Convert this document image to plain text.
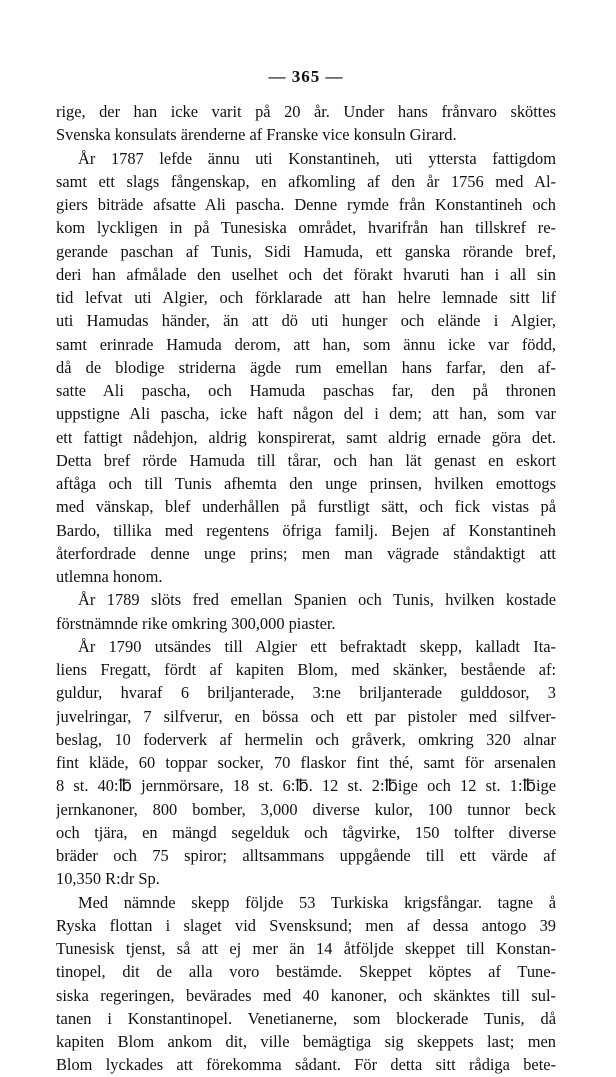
— 365 —
rige, der han icke varit på 20 år. Under hans frånvaro sköttes
Svenska konsulats ärenderne af Franske vice konsuln Girard.
År 1787 lefde ännu uti Konstantineh, uti yttersta fattigdom
samt ett slags fångenskap, en afkomling af den år 1756 med Al-
giers biträde afsatte Ali pascha. Denne rymde från Konstantineh och
kom lyckligen in på Tunesiska området, hvarifrån han tillskref re-
gerande paschan af Tunis, Sidi Hamuda, ett ganska rörande bref,
deri han afmålade den uselhet och det förakt hvaruti han i all sin
tid lefvat uti Algier, och förklarade att han helre lemnade sitt lif
uti Hamudas händer, än att dö uti hunger och elände i Algier,
samt erinrade Hamuda derom, att han, som ännu icke var född,
då de blodige striderna ägde rum emellan hans farfar, den af-
satte Ali pascha, och Hamuda paschas far, den på thronen
uppstigne Ali pascha, icke haft någon del i dem; att han, som var
ett fattigt nådehjon, aldrig konspirerat, samt aldrig ernade göra det.
Detta bref rörde Hamuda till tårar, och han lät genast en eskort
aftåga och till Tunis afhemta den unge prinsen, hvilken emottogs
med vänskap, blef underhållen på furstligt sätt, och fick vistas på
Bardo, tillika med regentens öfriga familj. Bejen af Konstantineh
återfordrade denne unge prins; men man vägrade ståndaktigt att
utlemna honom.
År 1789 slöts fred emellan Spanien och Tunis, hvilken kostade
förstnämnde rike omkring 300,000 piaster.
År 1790 utsändes till Algier ett befraktadt skepp, kalladt Ita-
liens Fregatt, fördt af kapiten Blom, med skänker, bestående af:
guldur, hvaraf 6 briljanterade, 3:ne briljanterade gulddosor, 3
juvelringar, 7 silfverur, en bössa och ett par pistoler med silfver-
beslag, 10 foderverk af hermelin och gråverk, omkring 320 alnar
fint kläde, 60 toppar socker, 70 flaskor fint thé, samt för arsenalen
8 st. 40:℔ jernmörsare, 18 st. 6:℔. 12 st. 2:℔ige och 12 st. 1:℔ige
jernkanoner, 800 bomber, 3,000 diverse kulor, 100 tunnor beck
och tjära, en mängd segelduk och tågvirke, 150 tolfter diverse
bräder och 75 spiror; alltsammans uppgående till ett värde af
10,350 R:dr Sp.
Med nämnde skepp följde 53 Turkiska krigsfångar. tagne å
Ryska flottan i slaget vid Svensksund; men af dessa antogo 39
Tunesisk tjenst, så att ej mer än 14 åtföljde skeppet till Konstan-
tinopel, dit de alla voro bestämde. Skeppet köptes af Tune-
siska regeringen, bevärades med 40 kanoner, och skänktes till sul-
tanen i Konstantinopel. Venetianerne, som blockerade Tunis, då
kapiten Blom ankom dit, ville bemägtiga sig skeppets last; men
Blom lyckades att förekomma sådant. För detta sitt rådiga bete-
